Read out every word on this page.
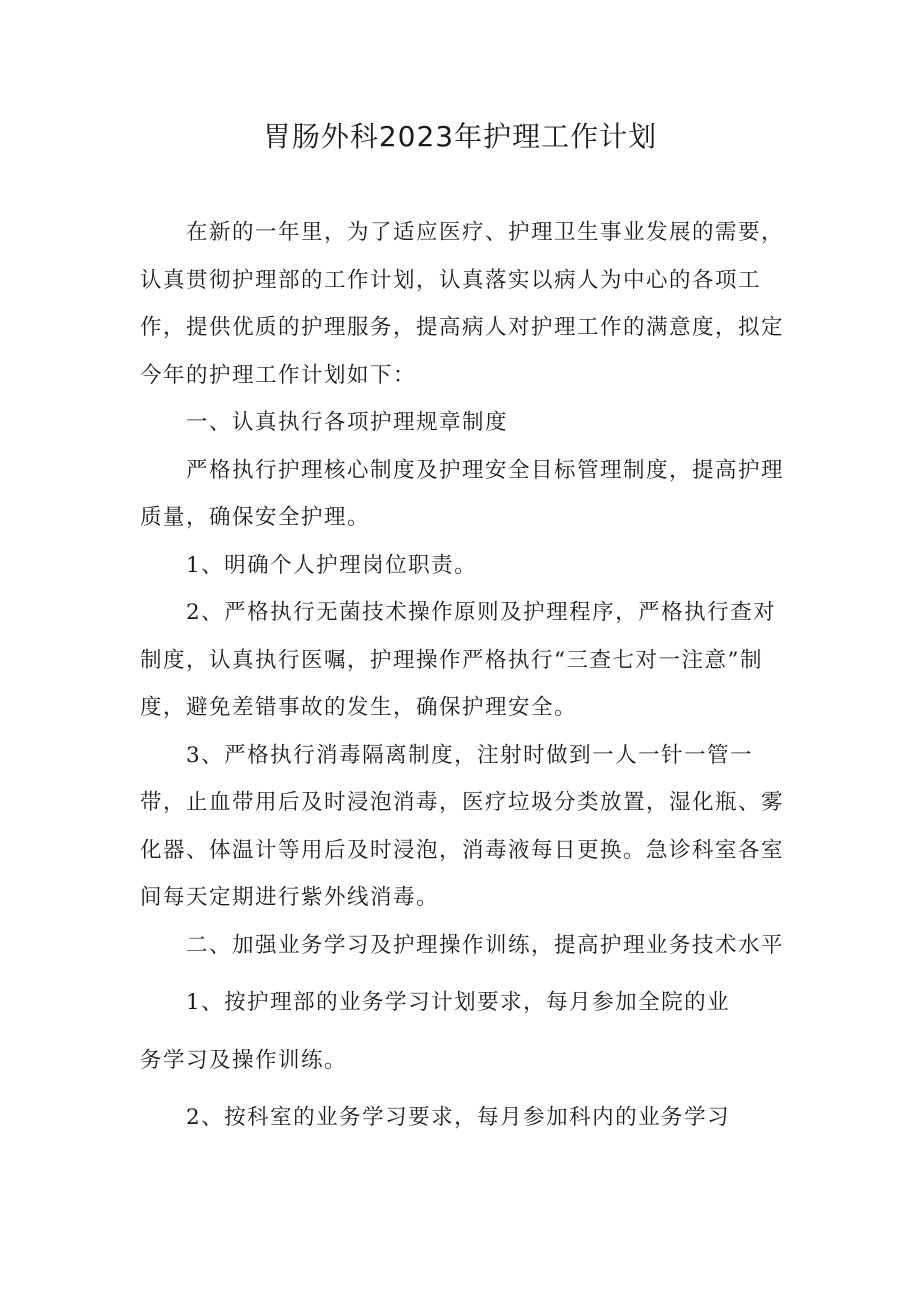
胃肠外科2023年护理工作计划

在新的一年里，为了适应医疗、护理卫生事业发展的需要，认真贯彻护理部的工作计划，认真落实以病人为中心的各项工作，提供优质的护理服务，提高病人对护理工作的满意度，拟定今年的护理工作计划如下：

一、认真执行各项护理规章制度

严格执行护理核心制度及护理安全目标管理制度，提高护理质量，确保安全护理。

1、明确个人护理岗位职责。

2、严格执行无菌技术操作原则及护理程序，严格执行查对制度，认真执行医嘱，护理操作严格执行“三查七对一注意”制度，避免差错事故的发生，确保护理安全。

3、严格执行消毒隔离制度，注射时做到一人一针一管一带，止血带用后及时浸泡消毒，医疗垃圾分类放置，湿化瓶、雾化器、体温计等用后及时浸泡，消毒液每日更换。急诊科室各室间每天定期进行紫外线消毒。

二、加强业务学习及护理操作训练，提高护理业务技术水平

1、按护理部的业务学习计划要求，每月参加全院的业

务学习及操作训练。

2、按科室的业务学习要求，每月参加科内的业务学习
